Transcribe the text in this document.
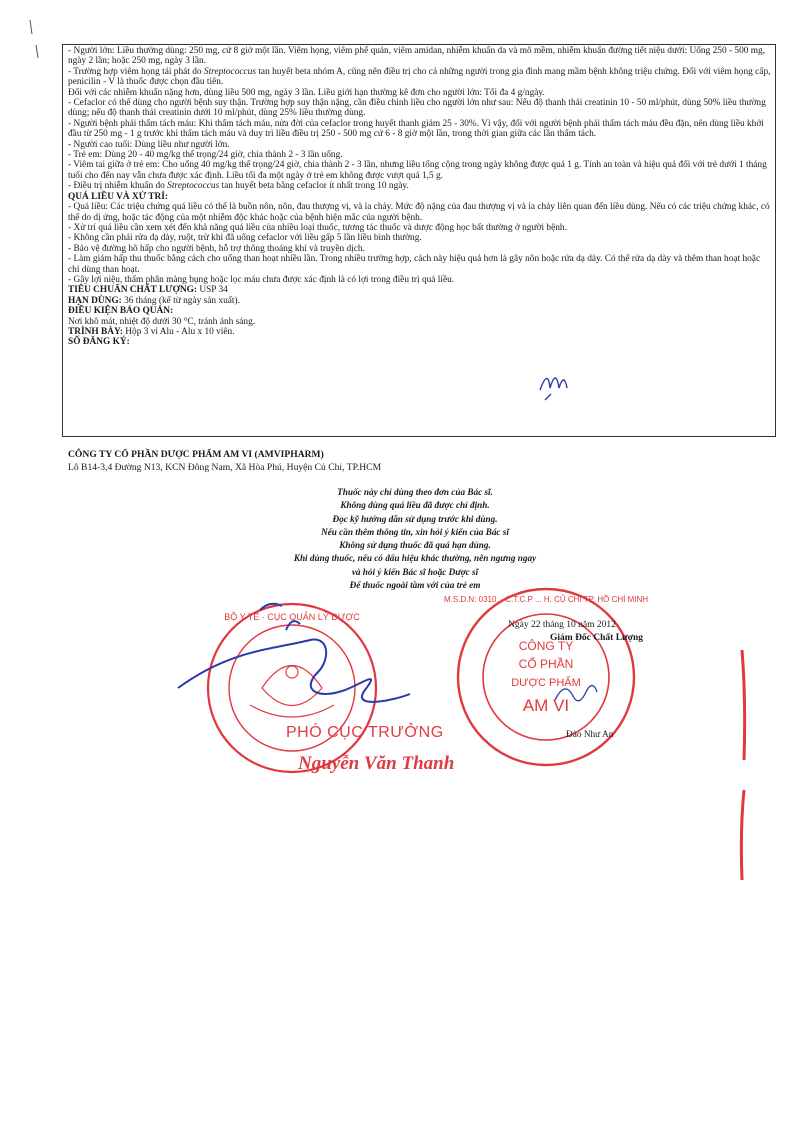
- Người lớn: Liều thường dùng: 250 mg, cứ 8 giờ một lần. Viêm họng, viêm phế quản, viêm amidan, nhiễm khuẩn da và mô mềm, nhiễm khuẩn đường tiết niệu dưới: Uống 250 - 500 mg, ngày 2 lần; hoặc 250 mg, ngày 3 lần.

- Trường hợp viêm họng tái phát do Streptococcus tan huyết beta nhóm A, cũng nên điều trị cho cả những người trong gia đình mang mầm bệnh không triệu chứng. Đối với viêm họng cấp, penicilin - V là thuốc được chọn đầu tiên.

Đối với các nhiễm khuẩn nặng hơn, dùng liều 500 mg, ngày 3 lần. Liều giới hạn thường kê đơn cho người lớn: Tối đa 4 g/ngày.

- Cefaclor có thể dùng cho người bệnh suy thận. Trường hợp suy thận nặng, cần điều chỉnh liều cho người lớn như sau: Nếu độ thanh thải creatinin 10 - 50 ml/phút, dùng 50% liều thường dùng; nếu độ thanh thải creatinin dưới 10 ml/phút, dùng 25% liều thường dùng.

- Người bệnh phải thẩm tách máu: Khi thẩm tách máu, nửa đời của cefaclor trong huyết thanh giảm 25 - 30%. Vì vậy, đối với người bệnh phải thẩm tách máu đều đặn, nên dùng liều khởi đầu từ 250 mg - 1 g trước khi thẩm tách máu và duy trì liều điều trị 250 - 500 mg cứ 6 - 8 giờ một lần, trong thời gian giữa các lần thẩm tách.

- Người cao tuổi: Dùng liều như người lớn.

- Trẻ em: Dùng 20 - 40 mg/kg thể trọng/24 giờ, chia thành 2 - 3 lần uống.

- Viêm tai giữa ở trẻ em: Cho uống 40 mg/kg thể trọng/24 giờ, chia thành 2 - 3 lần, nhưng liều tổng cộng trong ngày không được quá 1 g. Tính an toàn và hiệu quả đối với trẻ dưới 1 tháng tuổi cho đến nay vẫn chưa được xác định. Liều tối đa một ngày ở trẻ em không được vượt quá 1,5 g.

- Điều trị nhiễm khuẩn do Streptococcus tan huyết beta bằng cefaclor ít nhất trong 10 ngày.

QUÁ LIỀU VÀ XỬ TRÍ:

- Quá liều: Các triệu chứng quá liều có thể là buồn nôn, nôn, đau thượng vị, và ỉa chảy. Mức độ nặng của đau thượng vị và ỉa chảy liên quan đến liều dùng. Nếu có các triệu chứng khác, có thể do dị ứng, hoặc tác động của một nhiễm độc khác hoặc của bệnh hiện mắc của người bệnh.

- Xử trí quá liều cần xem xét đến khả năng quá liều của nhiều loại thuốc, tương tác thuốc và dược động học bất thường ở người bệnh.

- Không cần phải rửa dạ dày, ruột, trừ khi đã uống cefaclor với liều gấp 5 lần liều bình thường.

- Bảo vệ đường hô hấp cho người bệnh, hỗ trợ thông thoáng khí và truyền dịch.

- Làm giảm hấp thu thuốc bằng cách cho uống than hoạt nhiều lần. Trong nhiều trường hợp, cách này hiệu quả hơn là gây nôn hoặc rửa dạ dày. Có thể rửa dạ dày và thêm than hoạt hoặc chỉ dùng than hoạt.

- Gây lợi niệu, thẩm phân màng bụng hoặc lọc máu chưa được xác định là có lợi trong điều trị quá liều.

TIÊU CHUẨN CHẤT LƯỢNG: USP 34

HẠN DÙNG: 36 tháng (kể từ ngày sản xuất).

ĐIỀU KIỆN BẢO QUẢN:

Nơi khô mát, nhiệt độ dưới 30 °C, tránh ánh sáng.

TRÌNH BÀY: Hộp 3 vỉ Alu - Alu x 10 viên.

SỐ ĐĂNG KÝ:

CÔNG TY CỔ PHẦN DƯỢC PHẨM AM VI (AMVIPHARM)
Lô B14-3,4 Đường N13, KCN Đông Nam, Xã Hòa Phú, Huyện Củ Chi, TP.HCM

Thuốc này chỉ dùng theo đơn của Bác sĩ.

Không dùng quá liều đã được chỉ định.

Đọc kỹ hướng dẫn sử dụng trước khi dùng.

Nếu cần thêm thông tin, xin hỏi ý kiến của Bác sĩ

Không sử dụng thuốc đã quá hạn dùng.

Khi dùng thuốc, nếu có dấu hiệu khác thường, nên ngưng ngay

và hỏi ý kiến Bác sĩ hoặc Dược sĩ

Để thuốc ngoài tầm với của trẻ em

BỘ Y TẾ · CỤC QUẢN LÝ DƯỢC
M.S.D.N: 0310... C.T.C.P ... H. CỦ CHI TP. HỒ CHÍ MINH
CÔNG TY
CỔ PHẦN
DƯỢC PHẨM
AM VI
Ngày 22 tháng 10 năm 2012
Giám Đốc Chất Lượng
Đào Như An
PHÓ CỤC TRƯỞNG
Nguyễn Văn Thanh
